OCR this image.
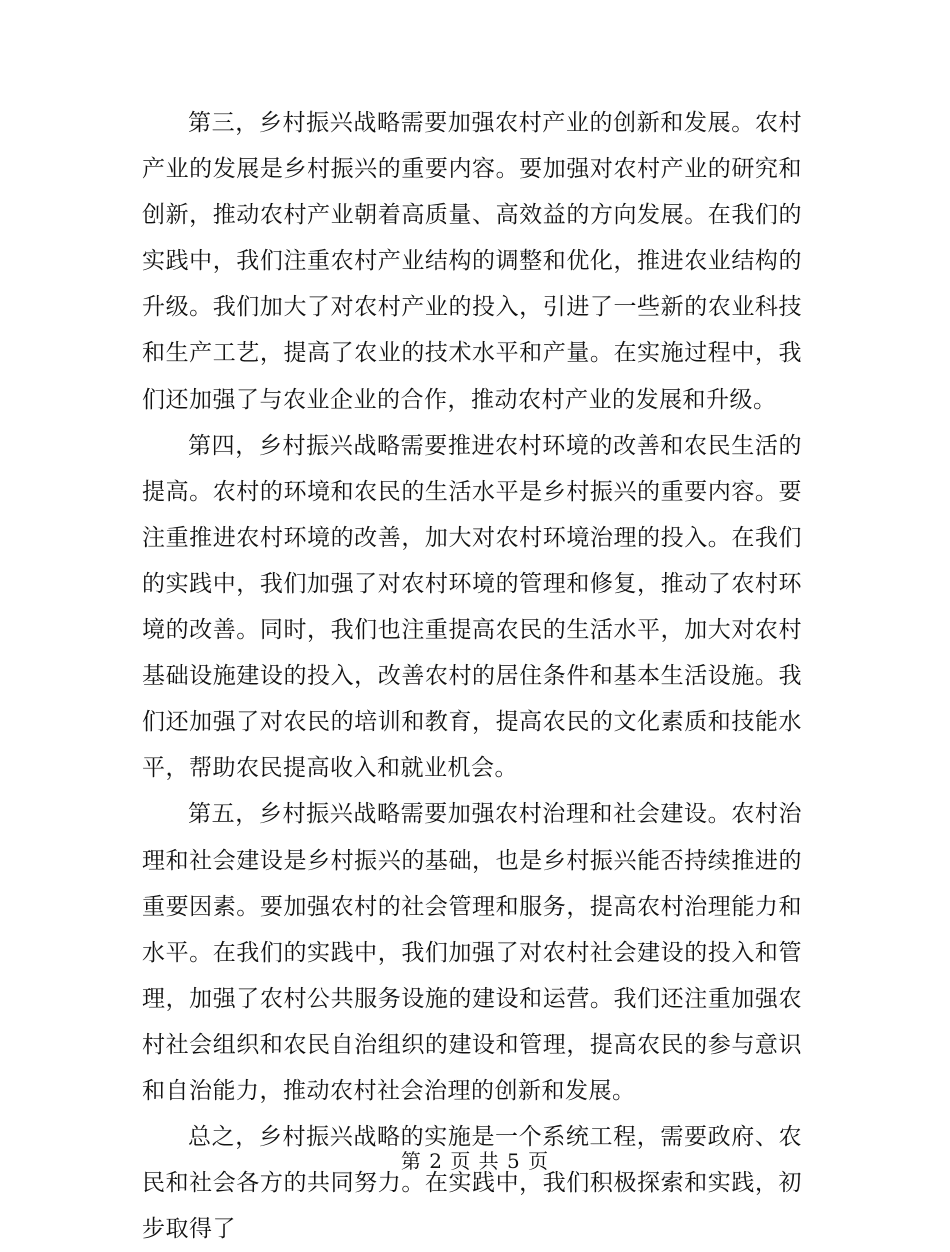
第三，乡村振兴战略需要加强农村产业的创新和发展。农村产业的发展是乡村振兴的重要内容。要加强对农村产业的研究和创新，推动农村产业朝着高质量、高效益的方向发展。在我们的实践中，我们注重农村产业结构的调整和优化，推进农业结构的升级。我们加大了对农村产业的投入，引进了一些新的农业科技和生产工艺，提高了农业的技术水平和产量。在实施过程中，我们还加强了与农业企业的合作，推动农村产业的发展和升级。

第四，乡村振兴战略需要推进农村环境的改善和农民生活的提高。农村的环境和农民的生活水平是乡村振兴的重要内容。要注重推进农村环境的改善，加大对农村环境治理的投入。在我们的实践中，我们加强了对农村环境的管理和修复，推动了农村环境的改善。同时，我们也注重提高农民的生活水平，加大对农村基础设施建设的投入，改善农村的居住条件和基本生活设施。我们还加强了对农民的培训和教育，提高农民的文化素质和技能水平，帮助农民提高收入和就业机会。

第五，乡村振兴战略需要加强农村治理和社会建设。农村治理和社会建设是乡村振兴的基础，也是乡村振兴能否持续推进的重要因素。要加强农村的社会管理和服务，提高农村治理能力和水平。在我们的实践中，我们加强了对农村社会建设的投入和管理，加强了农村公共服务设施的建设和运营。我们还注重加强农村社会组织和农民自治组织的建设和管理，提高农民的参与意识和自治能力，推动农村社会治理的创新和发展。

总之，乡村振兴战略的实施是一个系统工程，需要政府、农民和社会各方的共同努力。在实践中，我们积极探索和实践，初步取得了

第 2 页 共 5 页
